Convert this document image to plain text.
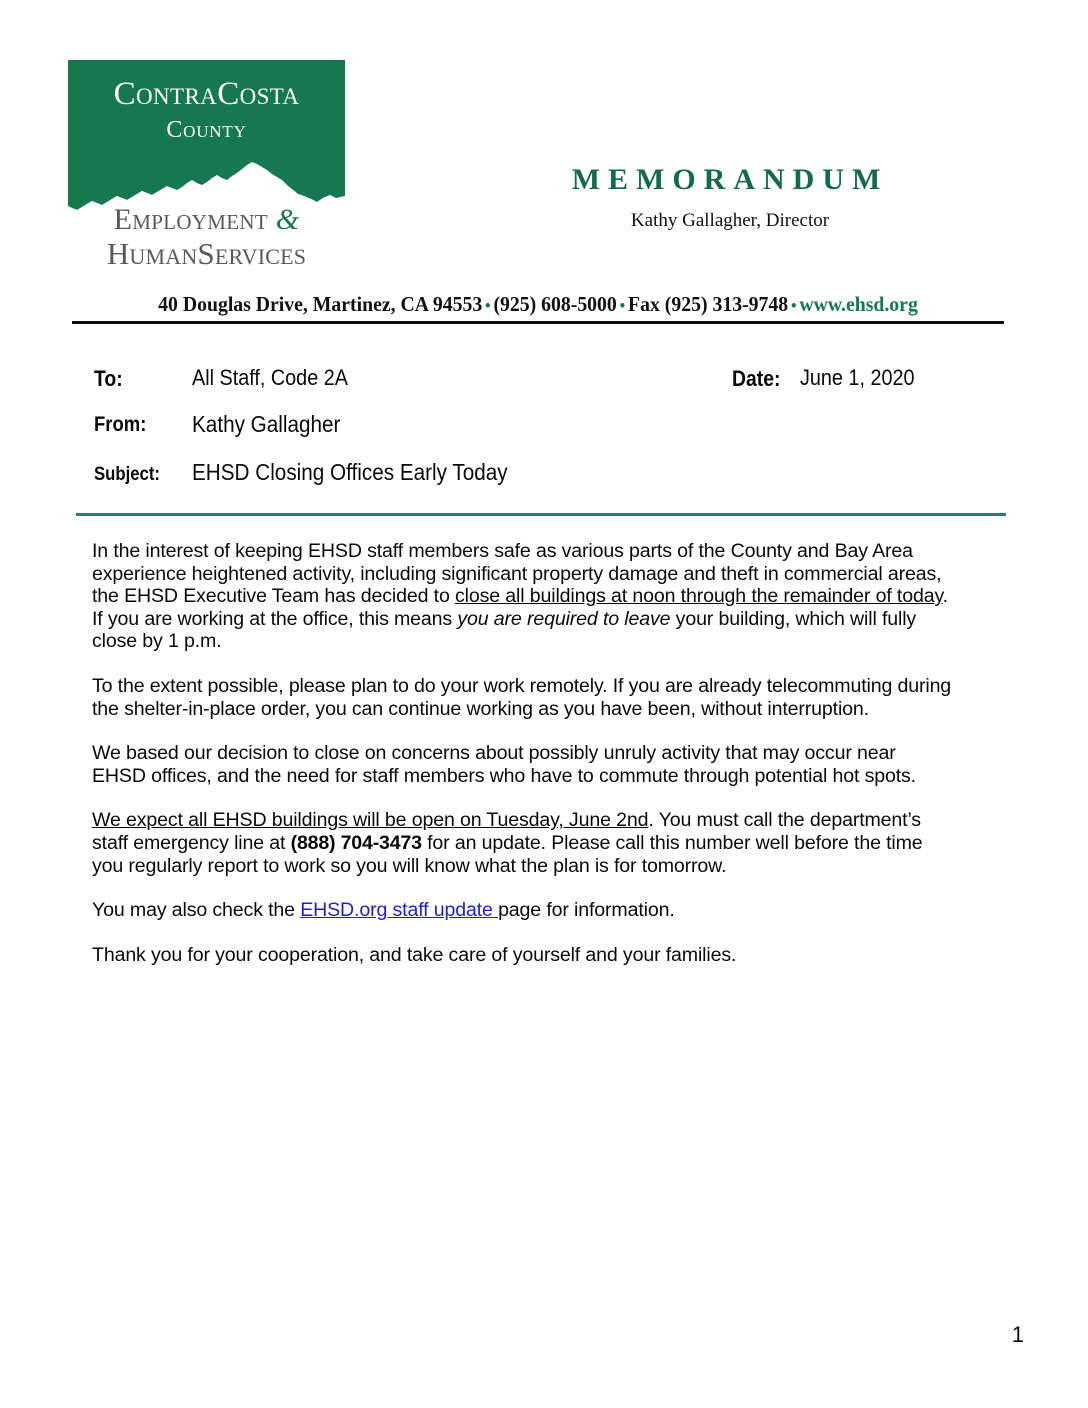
ContraCosta
County
Employment &
HumanServices
MEMORANDUM
Kathy Gallagher, Director
40 Douglas Drive, Martinez, CA 94553 • (925) 608-5000 • Fax (925) 313-9748 • www.ehsd.org
To:	All Staff, Code 2A	Date: June 1, 2020
From: Kathy Gallagher
Subject: EHSD Closing Offices Early Today

In the interest of keeping EHSD staff members safe as various parts of the County and Bay Area experience heightened activity, including significant property damage and theft in commercial areas, the EHSD Executive Team has decided to close all buildings at noon through the remainder of today. If you are working at the office, this means you are required to leave your building, which will fully close by 1 p.m.

To the extent possible, please plan to do your work remotely. If you are already telecommuting during the shelter-in-place order, you can continue working as you have been, without interruption.

We based our decision to close on concerns about possibly unruly activity that may occur near EHSD offices, and the need for staff members who have to commute through potential hot spots.

We expect all EHSD buildings will be open on Tuesday, June 2nd. You must call the department’s staff emergency line at (888) 704-3473 for an update. Please call this number well before the time you regularly report to work so you will know what the plan is for tomorrow.

You may also check the EHSD.org staff update page for information.

Thank you for your cooperation, and take care of yourself and your families.

1
